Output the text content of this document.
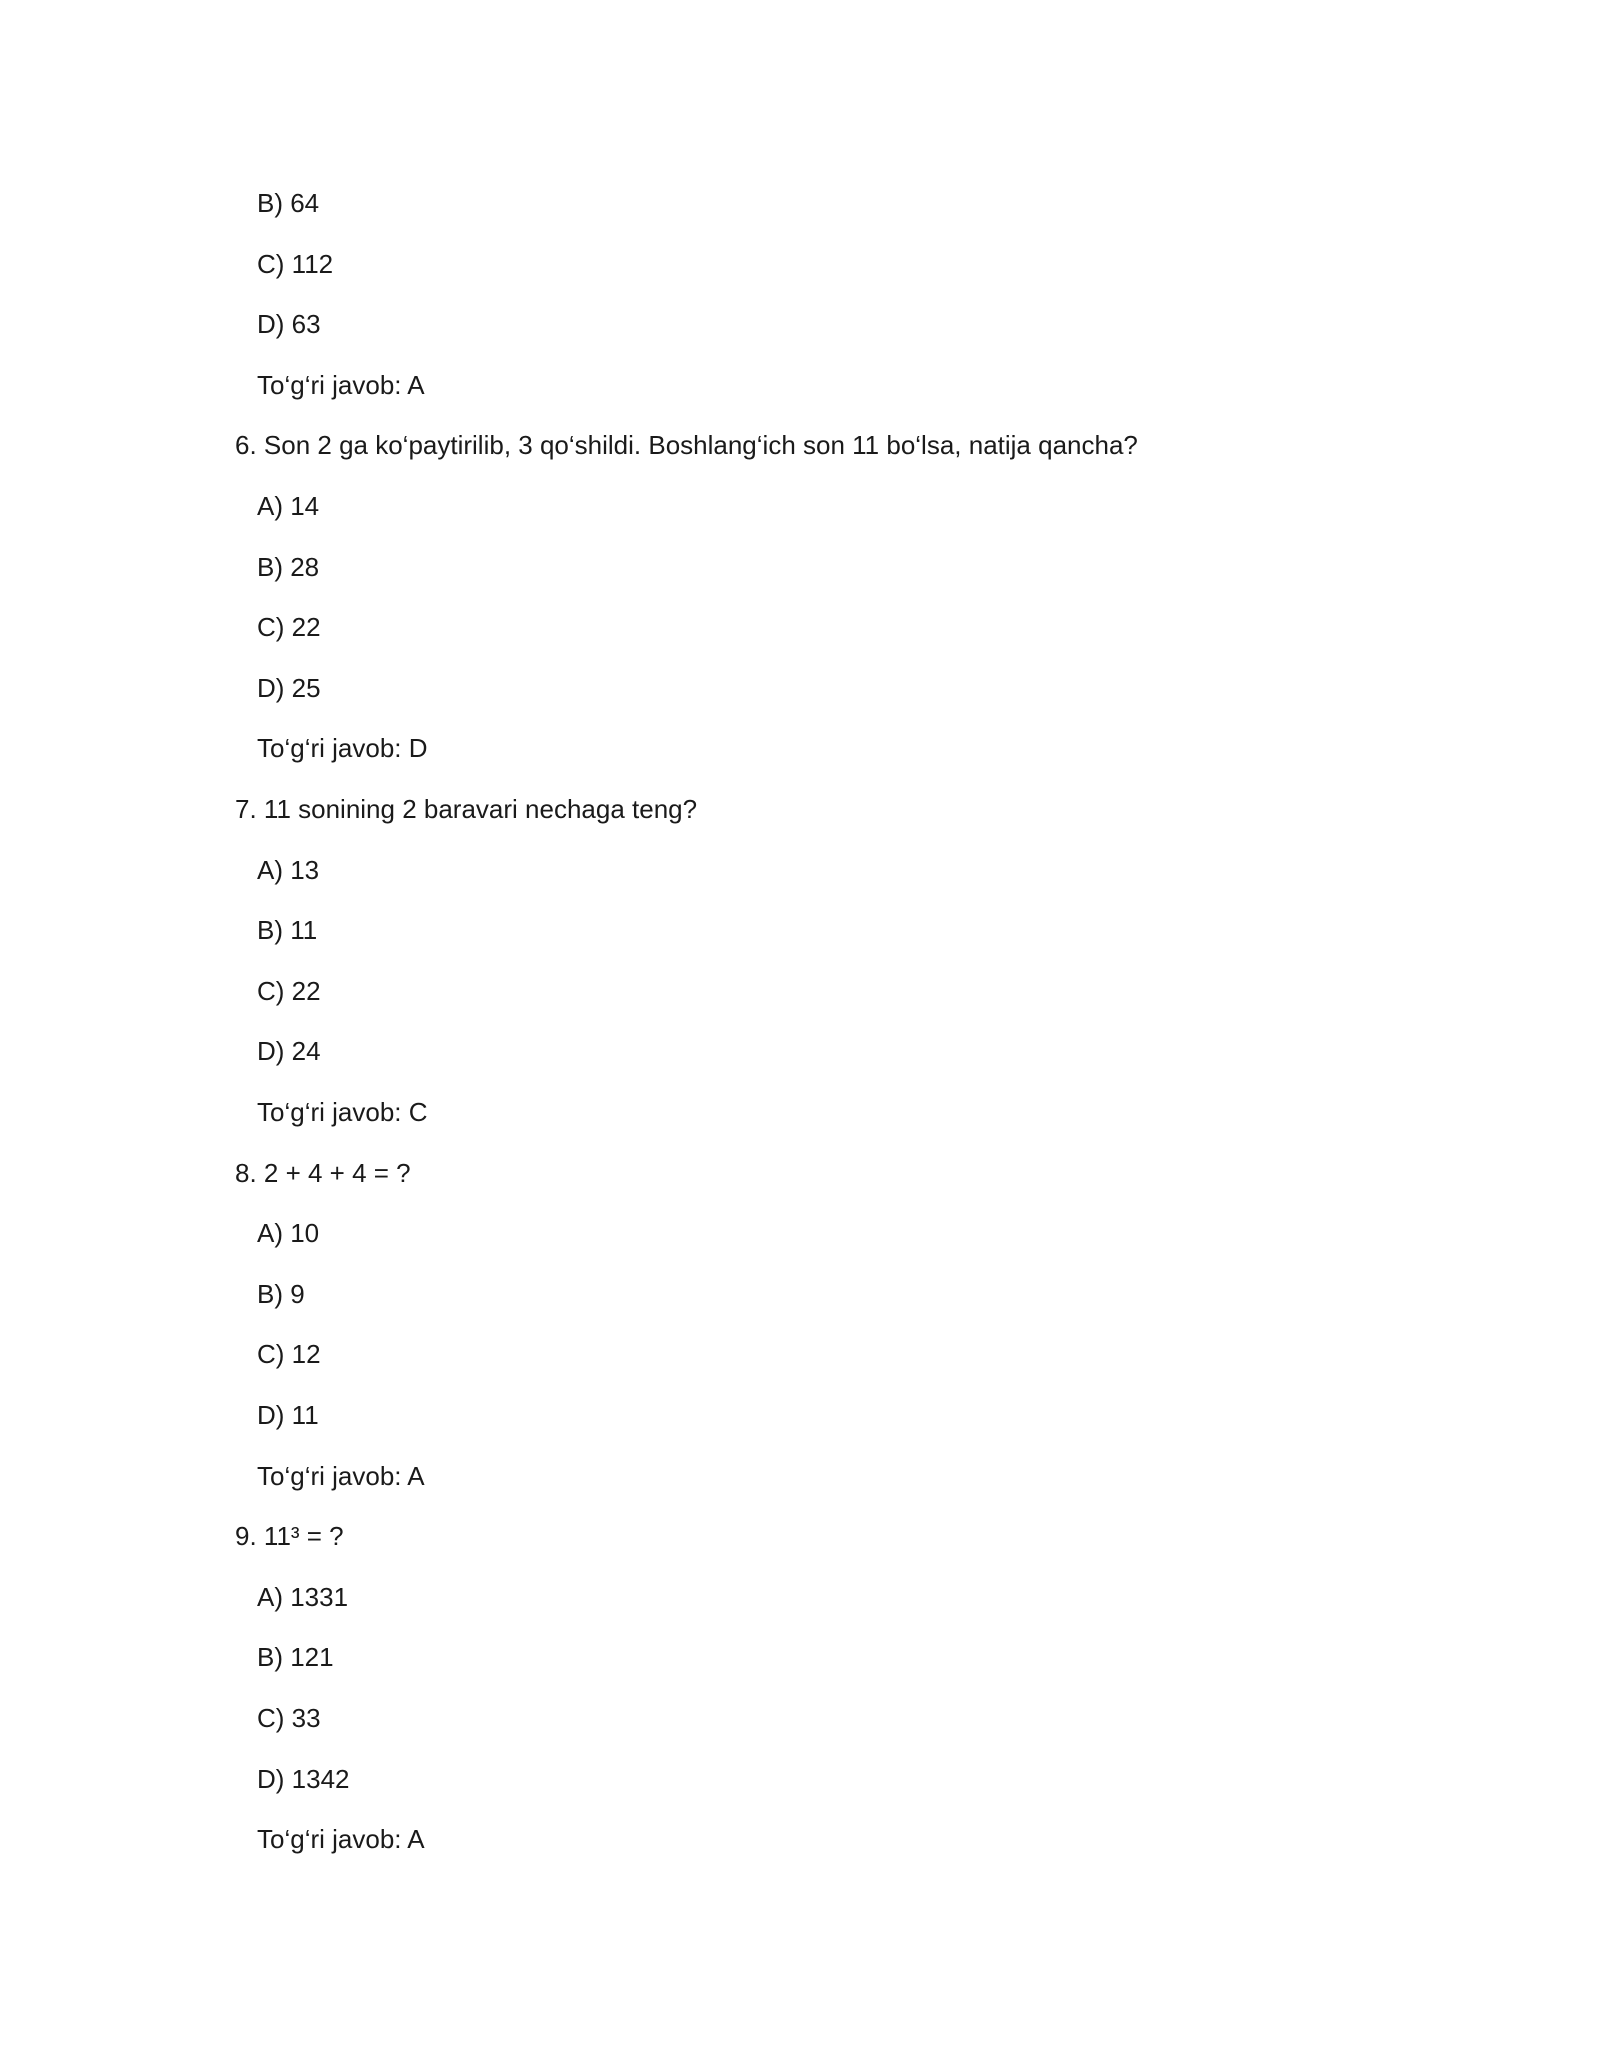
B) 64
C) 112
D) 63
To‘g‘ri javob: A
6. Son 2 ga ko‘paytirilib, 3 qo‘shildi. Boshlang‘ich son 11 bo‘lsa, natija qancha?
A) 14
B) 28
C) 22
D) 25
To‘g‘ri javob: D
7. 11 sonining 2 baravari nechaga teng?
A) 13
B) 11
C) 22
D) 24
To‘g‘ri javob: C
8. 2 + 4 + 4 = ?
A) 10
B) 9
C) 12
D) 11
To‘g‘ri javob: A
9. 11³ = ?
A) 1331
B) 121
C) 33
D) 1342
To‘g‘ri javob: A
